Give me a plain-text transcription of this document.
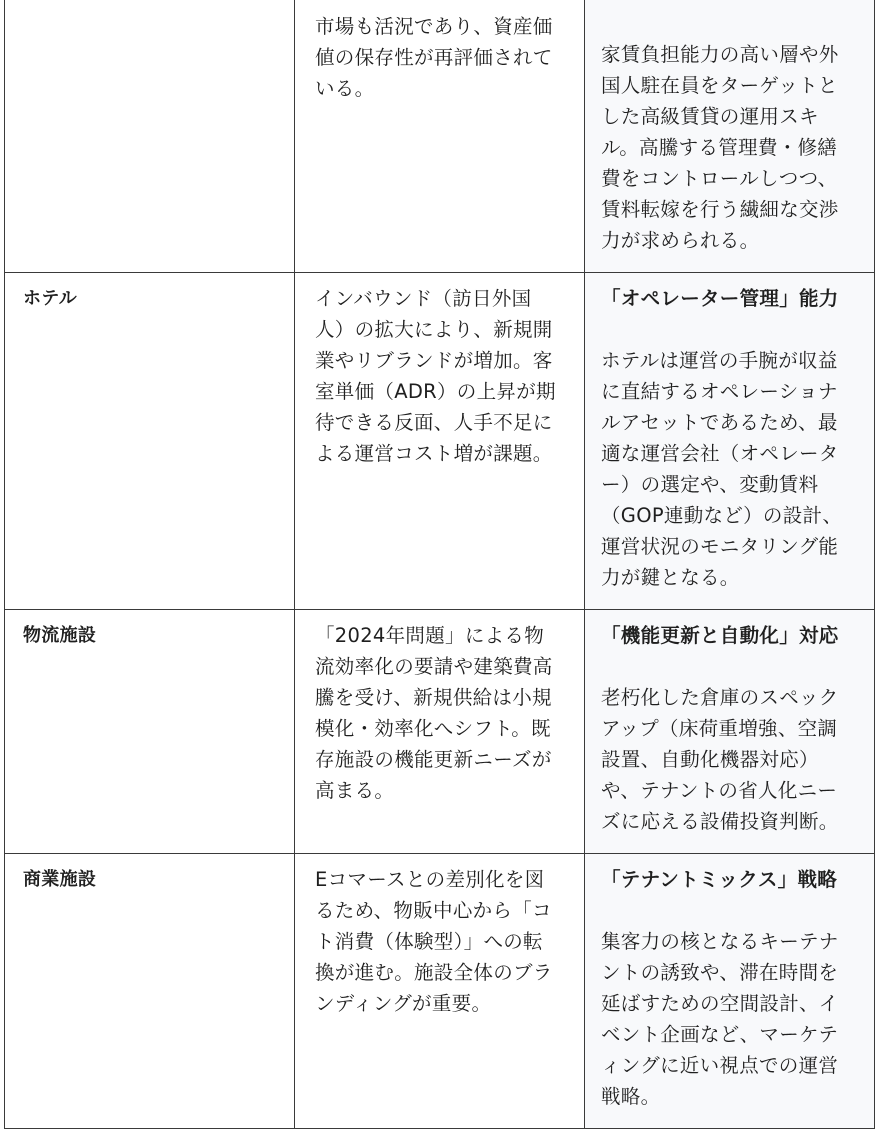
	市場も活況であり、資産価値の保存性が再評価されている。	家賃負担能力の高い層や外国人駐在員をターゲットとした高級賃貸の運用スキル。高騰する管理費・修繕費をコントロールしつつ、賃料転嫁を行う繊細な交渉力が求められる。

ホテル	インバウンド（訪日外国人）の拡大により、新規開業やリブランドが増加。客室単価（ADR）の上昇が期待できる反面、人手不足による運営コスト増が課題。	「オペレーター管理」能力
ホテルは運営の手腕が収益に直結するオペレーショナルアセットであるため、最適な運営会社（オペレーター）の選定や、変動賃料（GOP連動など）の設計、運営状況のモニタリング能力が鍵となる。

物流施設	「2024年問題」による物流効率化の要請や建築費高騰を受け、新規供給は小規模化・効率化へシフト。既存施設の機能更新ニーズが高まる。	「機能更新と自動化」対応
老朽化した倉庫のスペックアップ（床荷重増強、空調設置、自動化機器対応）や、テナントの省人化ニーズに応える設備投資判断。

商業施設	Eコマースとの差別化を図るため、物販中心から「コト消費（体験型）」への転換が進む。施設全体のブランディングが重要。	「テナントミックス」戦略
集客力の核となるキーテナントの誘致や、滞在時間を延ばすための空間設計、イベント企画など、マーケティングに近い視点での運営戦略。
